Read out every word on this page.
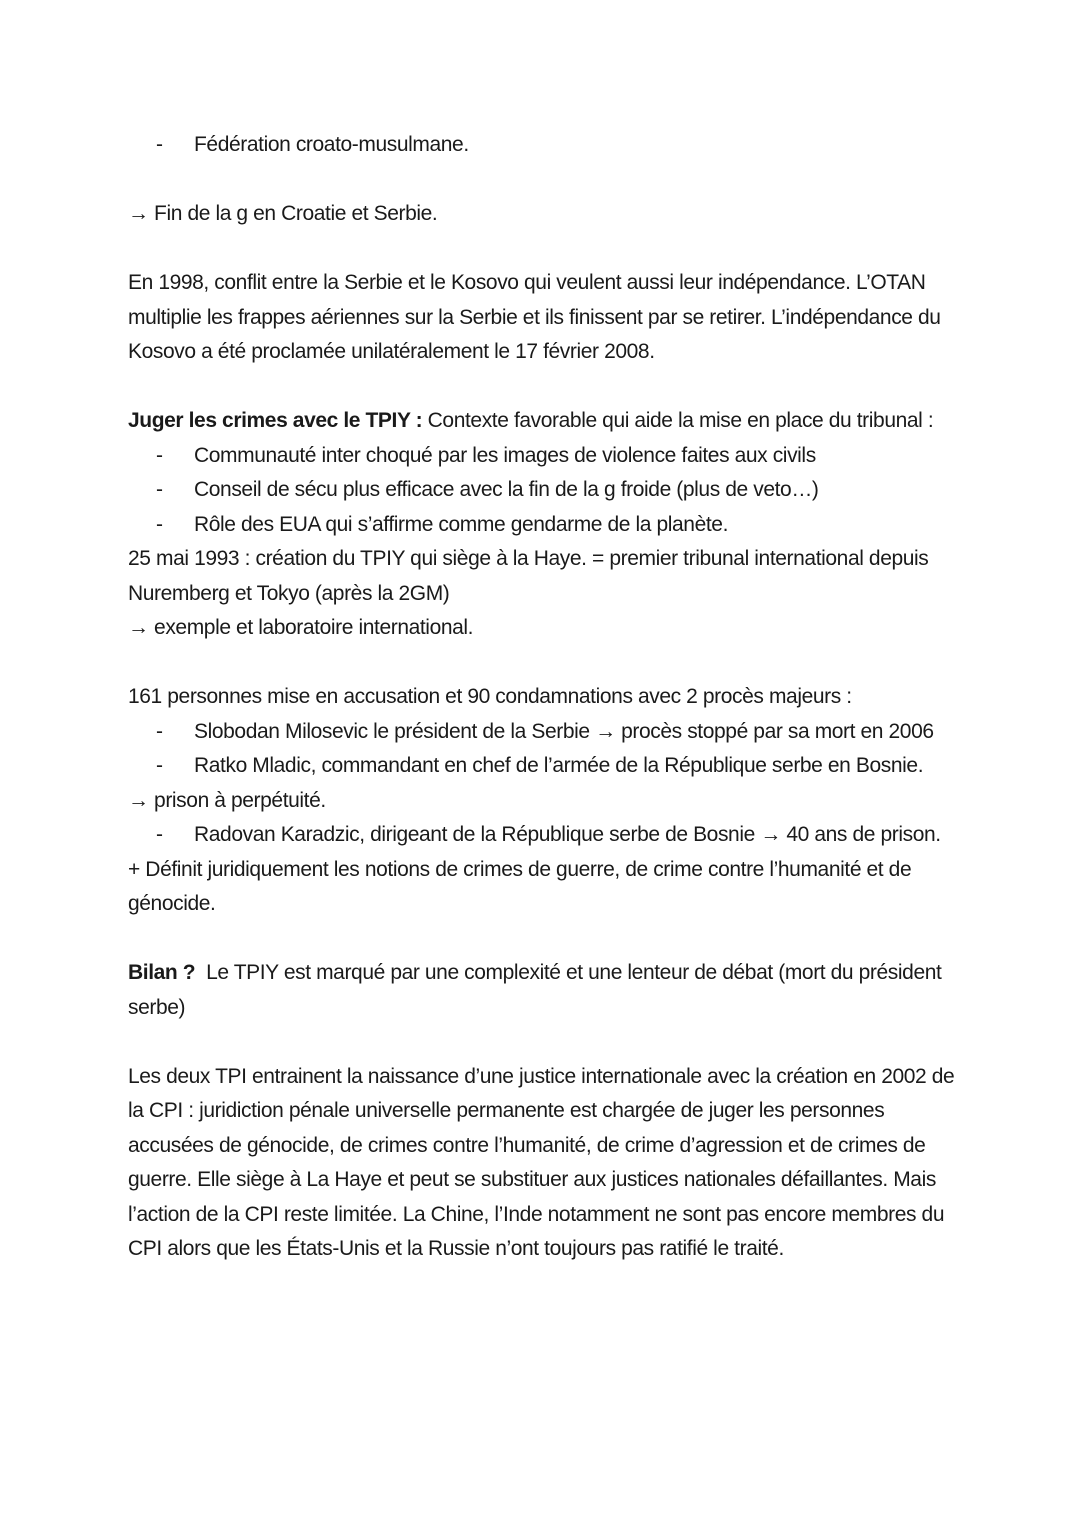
- Fédération croato-musulmane.
→ Fin de la g en Croatie et Serbie.

En 1998, conflit entre la Serbie et le Kosovo qui veulent aussi leur indépendance. L’OTAN multiplie les frappes aériennes sur la Serbie et ils finissent par se retirer. L’indépendance du Kosovo a été proclamée unilatéralement le 17 février 2008.

Juger les crimes avec le TPIY : Contexte favorable qui aide la mise en place du tribunal :
- Communauté inter choqué par les images de violence faites aux civils
- Conseil de sécu plus efficace avec la fin de la g froide (plus de veto…)
- Rôle des EUA qui s’affirme comme gendarme de la planète.

25 mai 1993 : création du TPIY qui siège à la Haye. = premier tribunal international depuis Nuremberg et Tokyo (après la 2GM)

→ exemple et laboratoire international.

161 personnes mise en accusation et 90 condamnations avec 2 procès majeurs :

- Slobodan Milosevic le président de la Serbie → procès stoppé par sa mort en 2006
- Ratko Mladic, commandant en chef de l’armée de la République serbe en Bosnie.
→ prison à perpétuité.
- Radovan Karadzic, dirigeant de la République serbe de Bosnie → 40 ans de prison.

+ Définit juridiquement les notions de crimes de guerre, de crime contre l’humanité et de génocide.

Bilan ?  Le TPIY est marqué par une complexité et une lenteur de débat (mort du président serbe)

Les deux TPI entrainent la naissance d’une justice internationale avec la création en 2002 de la CPI : juridiction pénale universelle permanente est chargée de juger les personnes accusées de génocide, de crimes contre l’humanité, de crime d’agression et de crimes de guerre. Elle siège à La Haye et peut se substituer aux justices nationales défaillantes. Mais l’action de la CPI reste limitée. La Chine, l’Inde notamment ne sont pas encore membres du CPI alors que les États-Unis et la Russie n’ont toujours pas ratifié le traité.
